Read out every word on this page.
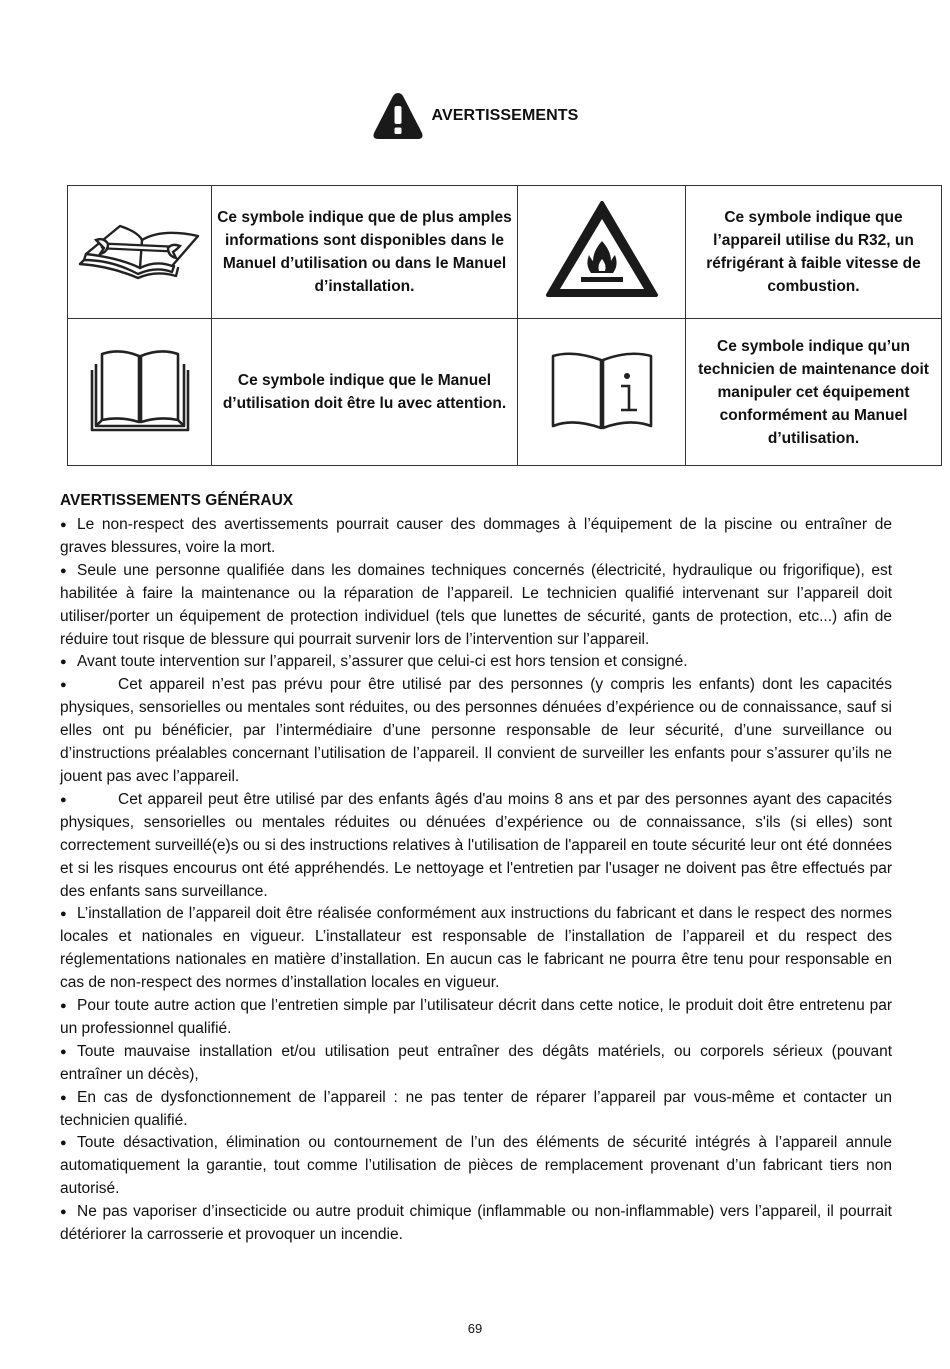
AVERTISSEMENTS
	Ce symbole indique que de plus amples informations sont disponibles dans le Manuel d’utilisation ou dans le Manuel d’installation.		Ce symbole indique que l’appareil utilise du R32, un réfrigérant à faible vitesse de combustion.
	Ce symbole indique que le Manuel d’utilisation doit être lu avec attention.		Ce symbole indique qu’un technicien de maintenance doit manipuler cet équipement conformément au Manuel d’utilisation.
AVERTISSEMENTS GÉNÉRAUX

● Le non-respect des avertissements pourrait causer des dommages à l’équipement de la piscine ou entraîner de graves blessures, voire la mort.

● Seule une personne qualifiée dans les domaines techniques concernés (électricité, hydraulique ou frigorifique), est habilitée à faire la maintenance ou la réparation de l’appareil. Le technicien qualifié intervenant sur l’appareil doit utiliser/porter un équipement de protection individuel (tels que lunettes de sécurité, gants de protection, etc...) afin de réduire tout risque de blessure qui pourrait survenir lors de l’intervention sur l’appareil.

● Avant toute intervention sur l’appareil, s’assurer que celui-ci est hors tension et consigné.

●	Cet appareil n’est pas prévu pour être utilisé par des personnes (y compris les enfants) dont les capacités physiques, sensorielles ou mentales sont réduites, ou des personnes dénuées d’expérience ou de connaissance, sauf si elles ont pu bénéficier, par l’intermédiaire d’une personne responsable de leur sécurité, d’une surveillance ou d’instructions préalables concernant l’utilisation de l’appareil. Il convient de surveiller les enfants pour s’assurer qu’ils ne jouent pas avec l’appareil.

●	Cet appareil peut être utilisé par des enfants âgés d'au moins 8 ans et par des personnes ayant des capacités physiques, sensorielles ou mentales réduites ou dénuées d’expérience ou de connaissance, s'ils (si elles) sont correctement surveillé(e)s ou si des instructions relatives à l'utilisation de l'appareil en toute sécurité leur ont été données et si les risques encourus ont été appréhendés. Le nettoyage et l'entretien par l'usager ne doivent pas être effectués par des enfants sans surveillance.

● L’installation de l’appareil doit être réalisée conformément aux instructions du fabricant et dans le respect des normes locales et nationales en vigueur. L’installateur est responsable de l’installation de l’appareil et du respect des réglementations nationales en matière d’installation. En aucun cas le fabricant ne pourra être tenu pour responsable en cas de non-respect des normes d’installation locales en vigueur.

● Pour toute autre action que l’entretien simple par l’utilisateur décrit dans cette notice, le produit doit être entretenu par un professionnel qualifié.

● Toute mauvaise installation et/ou utilisation peut entraîner des dégâts matériels, ou corporels sérieux (pouvant entraîner un décès),

● En cas de dysfonctionnement de l’appareil : ne pas tenter de réparer l’appareil par vous-même et contacter un technicien qualifié.

● Toute désactivation, élimination ou contournement de l’un des éléments de sécurité intégrés à l’appareil annule automatiquement la garantie, tout comme l’utilisation de pièces de remplacement provenant d’un fabricant tiers non autorisé.

● Ne pas vaporiser d’insecticide ou autre produit chimique (inflammable ou non-inflammable) vers l’appareil, il pourrait détériorer la carrosserie et provoquer un incendie.

69
